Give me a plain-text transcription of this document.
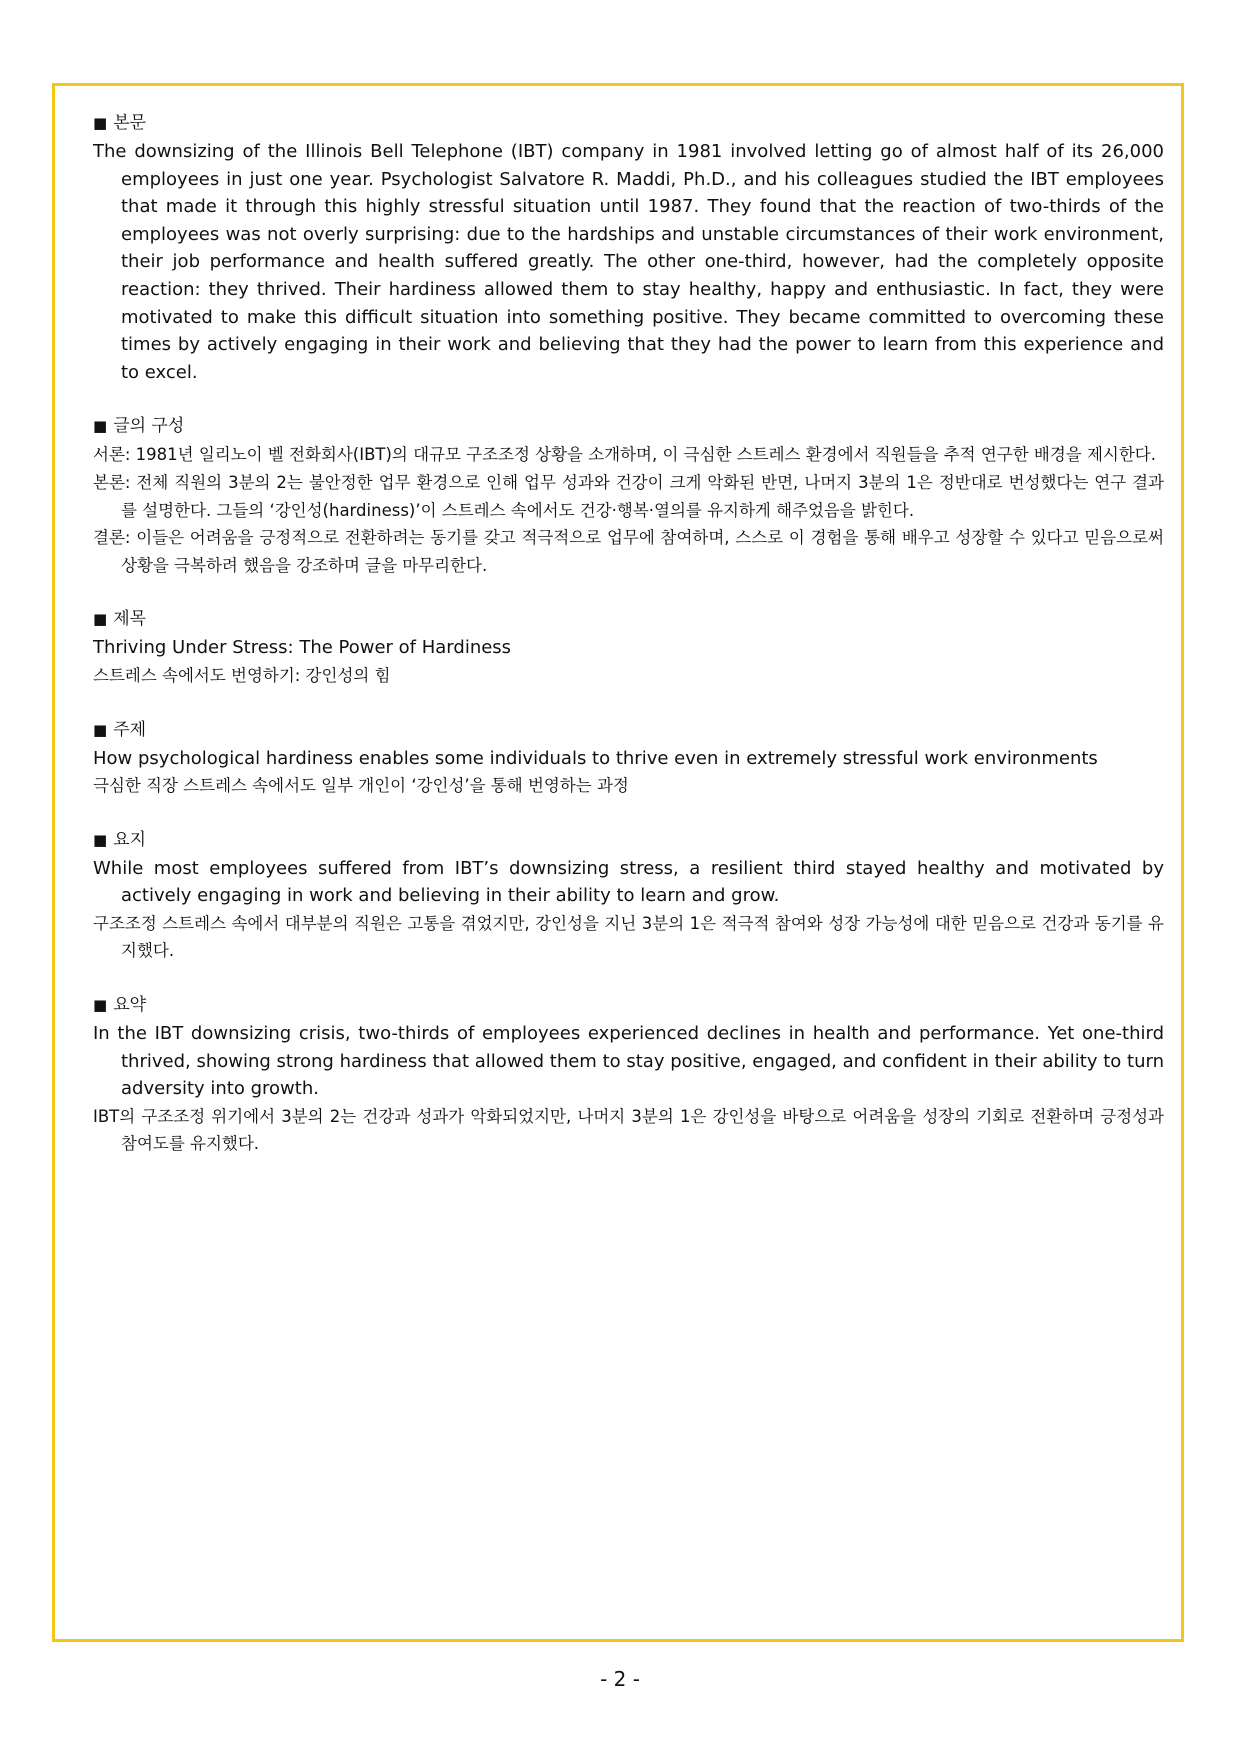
■ 본문

The downsizing of the Illinois Bell Telephone (IBT) company in 1981 involved letting go of almost half of its 26,000 employees in just one year. Psychologist Salvatore R. Maddi, Ph.D., and his colleagues studied the IBT employees that made it through this highly stressful situation until 1987. They found that the reaction of two-thirds of the employees was not overly surprising: due to the hardships and unstable circumstances of their work environment, their job performance and health suffered greatly. The other one-third, however, had the completely opposite reaction: they thrived. Their hardiness allowed them to stay healthy, happy and enthusiastic. In fact, they were motivated to make this difficult situation into something positive. They became committed to overcoming these times by actively engaging in their work and believing that they had the power to learn from this experience and to excel.

■ 글의 구성

서론: 1981년 일리노이 벨 전화회사(IBT)의 대규모 구조조정 상황을 소개하며, 이 극심한 스트레스 환경에서 직원들을 추적 연구한 배경을 제시한다.

본론: 전체 직원의 3분의 2는 불안정한 업무 환경으로 인해 업무 성과와 건강이 크게 악화된 반면, 나머지 3분의 1은 정반대로 번성했다는 연구 결과를 설명한다. 그들의 ‘강인성(hardiness)’이 스트레스 속에서도 건강·행복·열의를 유지하게 해주었음을 밝힌다.

결론: 이들은 어려움을 긍정적으로 전환하려는 동기를 갖고 적극적으로 업무에 참여하며, 스스로 이 경험을 통해 배우고 성장할 수 있다고 믿음으로써 상황을 극복하려 했음을 강조하며 글을 마무리한다.

■ 제목

Thriving Under Stress: The Power of Hardiness

스트레스 속에서도 번영하기: 강인성의 힘

■ 주제

How psychological hardiness enables some individuals to thrive even in extremely stressful work environments

극심한 직장 스트레스 속에서도 일부 개인이 ‘강인성’을 통해 번영하는 과정

■ 요지

While most employees suffered from IBT’s downsizing stress, a resilient third stayed healthy and motivated by actively engaging in work and believing in their ability to learn and grow.

구조조정 스트레스 속에서 대부분의 직원은 고통을 겪었지만, 강인성을 지닌 3분의 1은 적극적 참여와 성장 가능성에 대한 믿음으로 건강과 동기를 유지했다.

■ 요약

In the IBT downsizing crisis, two-thirds of employees experienced declines in health and performance. Yet one-third thrived, showing strong hardiness that allowed them to stay positive, engaged, and confident in their ability to turn adversity into growth.

IBT의 구조조정 위기에서 3분의 2는 건강과 성과가 악화되었지만, 나머지 3분의 1은 강인성을 바탕으로 어려움을 성장의 기회로 전환하며 긍정성과 참여도를 유지했다.

- 2 -
